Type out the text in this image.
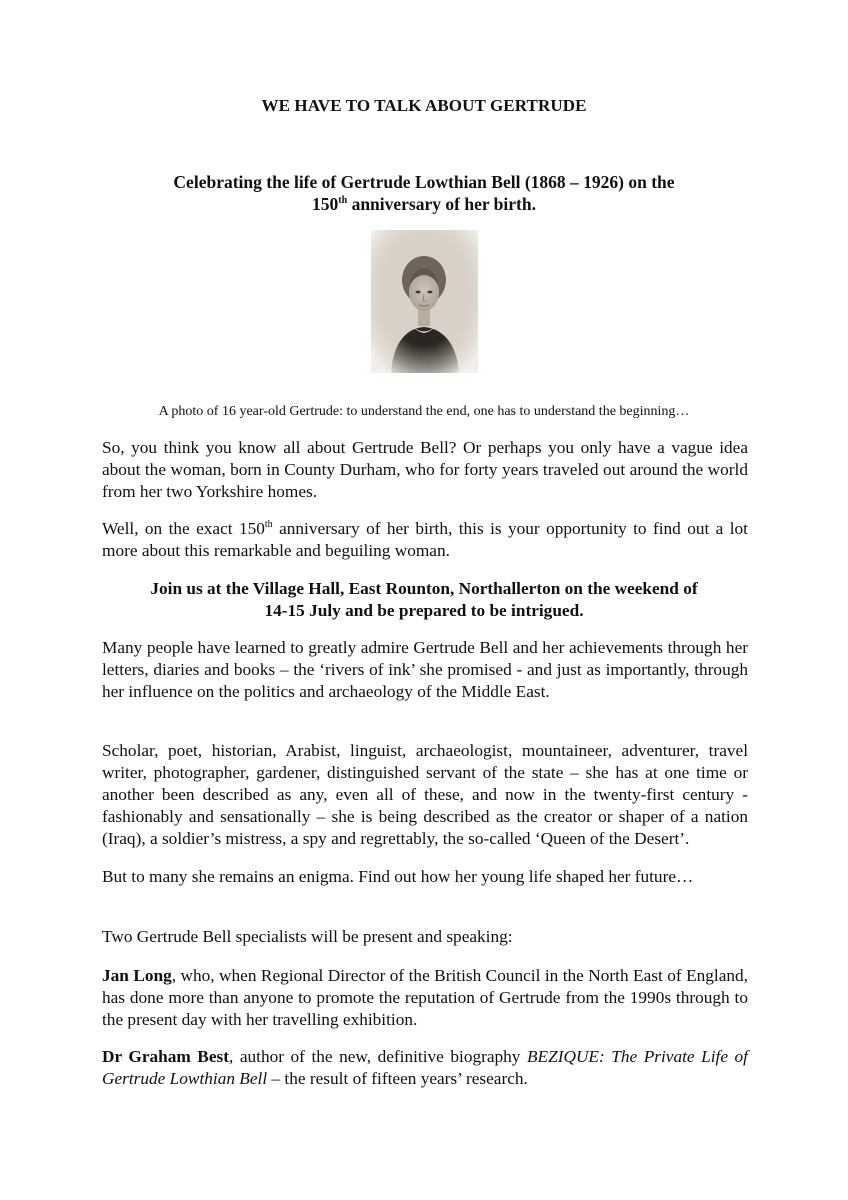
WE HAVE TO TALK ABOUT GERTRUDE
Celebrating the life of Gertrude Lowthian Bell (1868 – 1926) on the
150th anniversary of her birth.
A photo of 16 year-old Gertrude: to understand the end, one has to understand the beginning…
So, you think you know all about Gertrude Bell? Or perhaps you only have a vague idea about the woman, born in County Durham, who for forty years traveled out around the world from her two Yorkshire homes.
Well, on the exact 150th anniversary of her birth, this is your opportunity to find out a lot more about this remarkable and beguiling woman.
Join us at the Village Hall, East Rounton, Northallerton on the weekend of
14-15 July and be prepared to be intrigued.
Many people have learned to greatly admire Gertrude Bell and her achievements through her letters, diaries and books – the ‘rivers of ink’ she promised - and just as importantly, through her influence on the politics and archaeology of the Middle East.
Scholar, poet, historian, Arabist, linguist, archaeologist, mountaineer, adventurer, travel writer, photographer, gardener, distinguished servant of the state – she has at one time or another been described as any, even all of these, and now in the twenty-first century - fashionably and sensationally – she is being described as the creator or shaper of a nation (Iraq), a soldier’s mistress, a spy and regrettably, the so-called ‘Queen of the Desert’.
But to many she remains an enigma. Find out how her young life shaped her future…
Two Gertrude Bell specialists will be present and speaking:
Jan Long, who, when Regional Director of the British Council in the North East of England, has done more than anyone to promote the reputation of Gertrude from the 1990s through to the present day with her travelling exhibition.
Dr Graham Best, author of the new, definitive biography BEZIQUE: The Private Life of Gertrude Lowthian Bell – the result of fifteen years’ research.
